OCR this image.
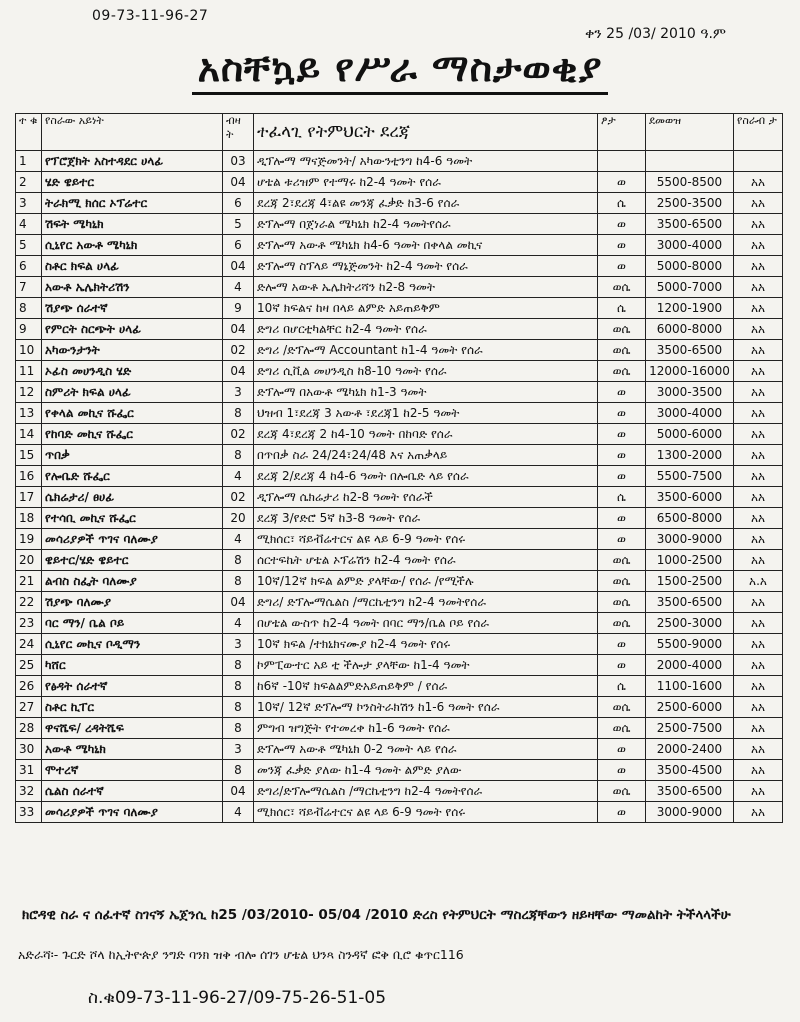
09-73-11-96-27
ቀን 25 /03/ 2010 ዓ.ም
አስቸኳይ የሥራ ማስታወቂያ
ተ ቁ	የስራው አይነት	ብዛ ት	ተፈላጊ የትምህርት ደረጃ	ፆታ	ደመወዝ	የስራብ ታ
1	የፕሮጀክት አስተዳደር ሀላፊ	03	ዲፕሎማ ማናጅመንት/ አካውንቲንግ ከ4-6 ዓመት			
2	ሄድ ዌይተር	04	ሆቴል ቱሪዝም የተማሩ ከ2-4 ዓመት የሰራ	ወ	5500-8500	አአ
3	ትራክሚ ክሰር ኦፕሬተር	6	ደረጃ 2፣ደረጃ 4፣ልዩ መንጃ ፈቃድ ከ3-6 የሰራ	ሴ	2500-3500	አአ
4	ሽፍት ሜካኒክ	5	ድፕሎማ በጀነራል ሜካኒክ ከ2-4 ዓመትየሰራ	ወ	3500-6500	አአ
5	ሲኒየር አውቶ ሜካኒክ	6	ድፕሎማ አውቶ ሜካኒክ ከ4-6 ዓመት በቀላል መኪና	ወ	3000-4000	አአ
6	ስቶር ክፍል ሀላፊ	04	ድፕሎማ ስፕላይ ማኔጅመንት ከ2-4 ዓመት የሰራ	ወ	5000-8000	አአ
7	አውቶ ኤሌክትሪሽን	4	ድሎማ አውቶ ኤሌክትሪሻን ከ2-8 ዓመት	ወሴ	5000-7000	አአ
8	ሽያጭ ሰራተኛ	9	10ኛ ክፍልና ከዛ በላይ ልምድ አይጠይቅም	ሴ	1200-1900	አአ
9	የምርት ስርጭት ሀላፊ	04	ድግሪ በሆርቲካልቸር ከ2-4 ዓመት የሰራ	ወሴ	6000-8000	አአ
10	አካውንታንት	02	ድግሪ /ድፕሎማ Accountant ከ1-4 ዓመት የሰራ	ወሴ	3500-6500	አአ
11	ኦፊስ መሀንዲስ ሄድ	04	ድግሪ ሲቪል መሀንዲስ ከ8-10 ዓመት የሰራ	ወሴ	12000-16000	አአ
12	ስምሪት ክፍል ሀላፊ	3	ድፕሎማ በአውቶ ሜካኒክ ከ1-3 ዓመት	ወ	3000-3500	አአ
13	የቀላል መኪና ሹፌር	8	ህዝብ 1፣ደረጃ 3 አውቶ ፣ደረጃ1 ከ2-5 ዓመት	ወ	3000-4000	አአ
14	የከባድ መኪና ሹፌር	02	ደረጃ 4፣ደረጃ 2 ከ4-10 ዓመት በከባድ የሰራ	ወ	5000-6000	አአ
15	ጥበቃ	8	በጥበቃ ስራ 24/24፣24/48 እና አጠቃላይ	ወ	1300-2000	አአ
16	የሎቤድ ሹፌር	4	ደረጃ 2/ደረጃ 4 ከ4-6 ዓመት በሎቤድ ላይ የሰራ	ወ	5500-7500	አአ
17	ሴክሬታሪ/ ፀሀፊ	02	ዲፕሎማ ሴክሬታሪ ከ2-8 ዓመት የሰራች	ሴ	3500-6000	አአ
18	የተሳቢ መኪና ሹፌር	20	ደረጃ 3/የድሮ 5ኛ ከ3-8 ዓመት የሰራ	ወ	6500-8000	አአ
19	መሳሪያዎች ጥገና ባለሙያ	4	ሚክሰር፣ ሻይቭሬተርና ልዩ ላይ 6-9 ዓመት የሰሩ	ወ	3000-9000	አአ
20	ዌይተር/ሄድ ዌይተር	8	ሰርተፍኬት ሆቴል ኦፕሬሽን ከ2-4 ዓመት የሰራ	ወሴ	1000-2500	አአ
21	ልብስ ስፌት ባለሙያ	8	10ኛ/12ኛ ክፍል ልምድ ያላቸው/ የሰራ /የሚችሉ	ወሴ	1500-2500	አ.አ
22	ሽያጭ ባለሙያ	04	ድግሪ/ ድፕሎማሴልስ /ማርኬቲንግ ከ2-4 ዓመትየሰራ	ወሴ	3500-6500	አአ
23	ባር ማን/ ቤል ቦይ	4	በሆቴል ውስጥ ከ2-4 ዓመት በባር ማን/ቤል ቦይ የሰራ	ወሴ	2500-3000	አአ
24	ሲኒየር መኪና ቦዲማን	3	10ኛ ክፍል /ተክኒክናሙያ ከ2-4 ዓመት የሰሩ	ወ	5500-9000	አአ
25	ካሸር	8	ኮምፒውተር አይ ቲ ችሎታ ያላቸው ከ1-4 ዓመት	ወ	2000-4000	አአ
26	የፅዳት ሰራተኛ	8	ከ6ኛ -10ኛ ክፍልልምድአይጠይቅም / የሰራ	ሴ	1100-1600	አአ
27	ስቶር ኪፐር	8	10ኛ/ 12ኛ ድፕሎማ ኮንስትራክሽን ከ1-6 ዓመት የሰራ	ወሴ	2500-6000	አአ
28	ዋናሼፍ/ ረዳትሼፍ	8	ምግብ ዝግጅት የተመረቀ ከ1-6 ዓመት የሰራ	ወሴ	2500-7500	አአ
30	አውቶ ሜካኒክ	3	ድፕሎማ አውቶ ሜካኒክ 0-2 ዓመት ላይ የሰራ	ወ	2000-2400	አአ
31	ሞተረኛ	8	መንጃ ፈቃድ ያለው ከ1-4 ዓመት ልምድ ያለው	ወ	3500-4500	አአ
32	ሴልስ ሰራተኛ	04	ድግሪ/ድፕሎማሴልስ /ማርኬቲንግ ከ2-4 ዓመትየሰራ	ወሴ	3500-6500	አአ
33	መሳሪያዎች ጥገና ባለሙያ	4	ሚክሰር፣ ሻይቭሬተርና ልዩ ላይ 6-9 ዓመት የሰሩ	ወ	3000-9000	አአ
ክሮዳዊ ስራ ና ሰፈተኛ ስገናኝ ኤጀንሲ ከ25 /03/2010- 05/04 /2010 ድረስ የትምህርት ማስረጃቸውን ዘይዛቸው ማመልከት ትችላላችሁ
አድራሻ፡- ጉርድ ሾላ ከኢትዮጵያ ንግድ ባንክ ዝቅ ብሎ ሰገን ሆቴል ህንጻ ስንዳኛ ፎቅ ቢሮ ቁጥር116
ስ.ቁ09-73-11-96-27/09-75-26-51-05
